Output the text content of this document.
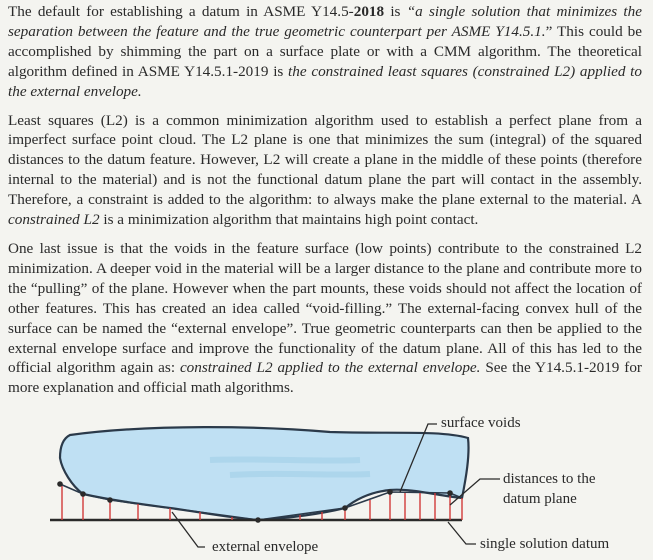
The default for establishing a datum in ASME Y14.5-2018 is “a single solution that minimizes the separation between the feature and the true geometric counterpart per ASME Y14.5.1.” This could be accomplished by shimming the part on a surface plate or with a CMM algorithm. The theoretical algorithm defined in ASME Y14.5.1-2019 is the constrained least squares (constrained L2) applied to the external envelope.

Least squares (L2) is a common minimization algorithm used to establish a perfect plane from a imperfect surface point cloud. The L2 plane is one that minimizes the sum (integral) of the squared distances to the datum feature. However, L2 will create a plane in the middle of these points (therefore internal to the material) and is not the functional datum plane the part will contact in the assembly. Therefore, a constraint is added to the algorithm: to always make the plane external to the material. A constrained L2 is a minimization algorithm that maintains high point contact.

One last issue is that the voids in the feature surface (low points) contribute to the constrained L2 minimization. A deeper void in the material will be a larger distance to the plane and contribute more to the “pulling” of the plane. However when the part mounts, these voids should not affect the location of other features. This has created an idea called “void-filling.” The external-facing convex hull of the surface can be named the “external envelope”. True geometric counterparts can then be applied to the external envelope surface and improve the functionality of the datum plane. All of this has led to the official algorithm again as: constrained L2 applied to the external envelope. See the Y14.5.1-2019 for more explanation and official math algorithms.

surface voids
distances to the
datum plane
external envelope	single solution datum
